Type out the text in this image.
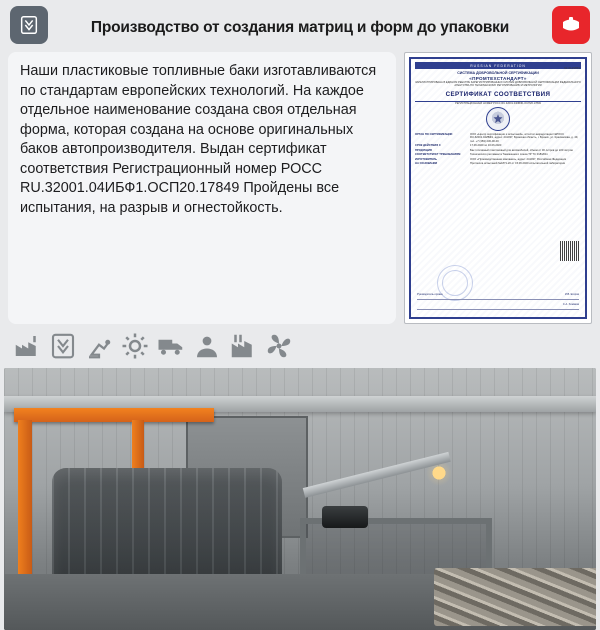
Производство от создания матриц и форм до упаковки
Наши пластиковые топливные баки изготавливаются по стандартам европейских технологий. На каждое отдельное наименование создана своя отдельная форма, которая создана на основе оригинальных баков автопроизводителя. Выдан сертификат соответствия Регистрационный номер РОСС RU.32001.04ИБФ1.ОСП20.17849 Пройдены все испытания, на разрыв и огнестойкость.
RUSSIAN FEDERATION	№ 0129859
СИСТЕМА ДОБРОВОЛЬНОЙ СЕРТИФИКАЦИИ
«ПРОМТЕХСТАНДАРТ»
ЗАРЕГИСТРИРОВАНА В ЕДИНОМ РЕЕСТРЕ ЗАРЕГИСТРИРОВАННЫХ СИСТЕМ ДОБРОВОЛЬНОЙ СЕРТИФИКАЦИИ ФЕДЕРАЛЬНОГО АГЕНТСТВА ПО ТЕХНИЧЕСКОМУ РЕГУЛИРОВАНИЮ И МЕТРОЛОГИИ
СЕРТИФИКАТ СООТВЕТСТВИЯ
РЕГИСТРАЦИОННЫЙ НОМЕР РОСС RU.32001.04ИБФ1.ОСП20.17849
ОРГАН ПО СЕРТИФИКАЦИИ	ООО «Центр сертификации и испытаний», аттестат аккредитации №РОСС RU.З2001.04ИБФ1, адрес: 241037, Брянская область, г. Брянск, ул. Крахмалёва, д. 49, тел. +7 (483) 230-00-00
СРОК ДЕЙСТВИЯ С	17.06.2020 по 16.06.2023
ПРОДУКЦИЯ	Бак топливный пластиковый для автомобилей, объём от 30 литров до 220 литров
СООТВЕТСТВУЕТ ТРЕБОВАНИЯМ	Технического регламента Таможенного союза ТР ТС 018/2011
ИЗГОТОВИТЕЛЬ	ООО «Производственная компания», адрес: 241037, Российская Федерация
НА ОСНОВАНИИ	Протокола испытаний №1871-20 от 15.06.2020 испытательной лаборатории
Руководитель органа	И.В. Егоров
С.А. Хомяков
